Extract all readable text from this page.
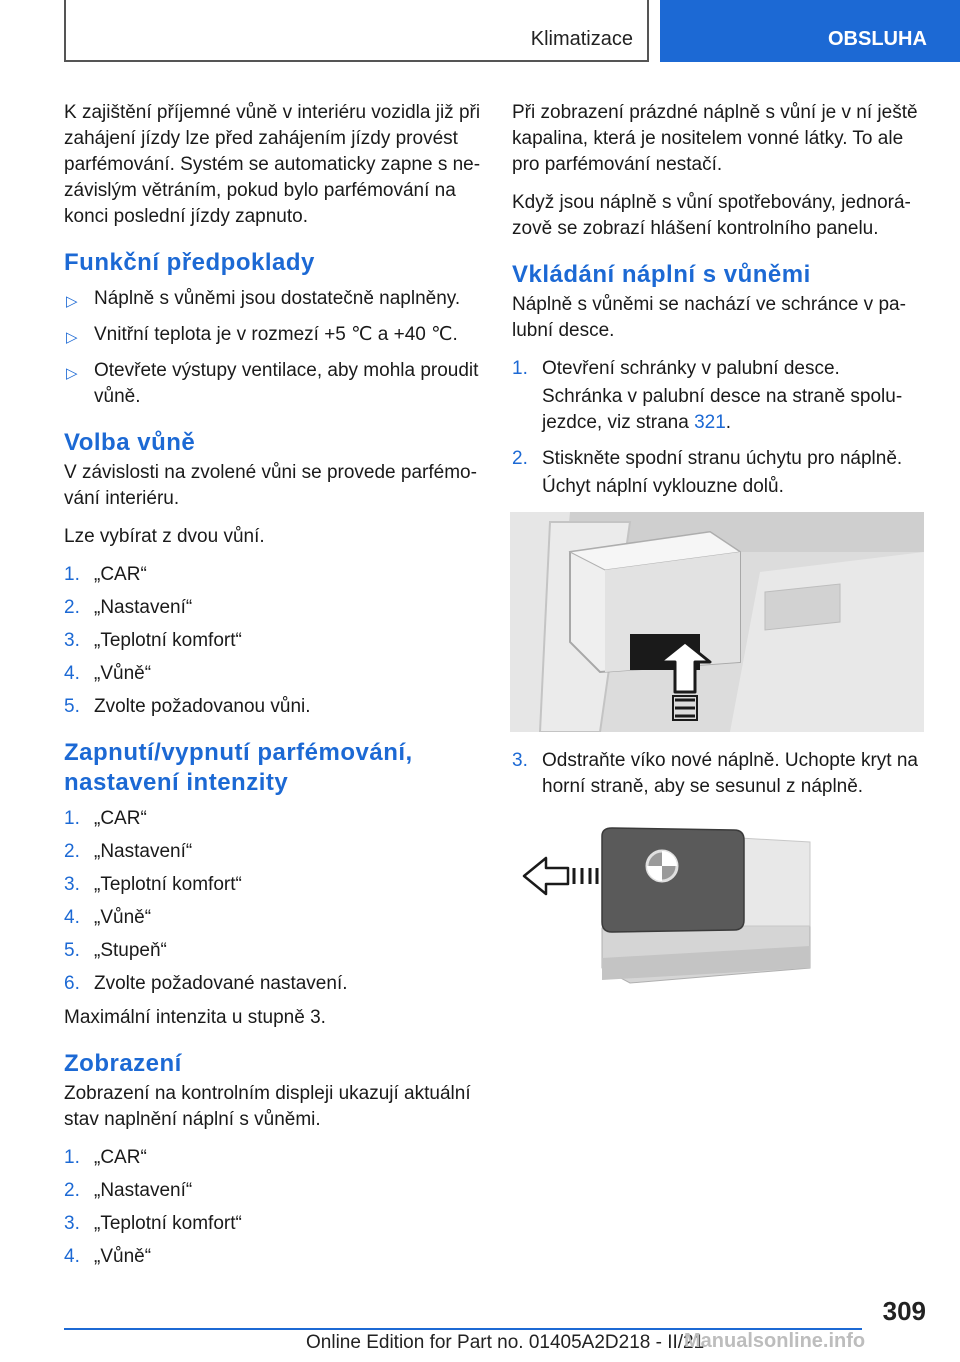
Klimatizace	OBSLUHA

K zajištění příjemné vůně v interiéru vozidla již při zahájení jízdy lze před zahájením jízdy provést parfémování. Systém se automaticky zapne s ne-závislým větráním, pokud bylo parfémování na konci poslední jízdy zapnuto.

Funkční předpoklady
▷ Náplně s vůněmi jsou dostatečně naplněny.
▷ Vnitřní teplota je v rozmezí +5 ℃ a +40 ℃.
▷ Otevřete výstupy ventilace, aby mohla proudit vůně.
Volba vůně

V závislosti na zvolené vůni se provede parfémo-vání interiéru.

Lze vybírat z dvou vůní.

1. „CAR“
2. „Nastavení“
3. „Teplotní komfort“
4. „Vůně“
5. Zvolte požadovanou vůni.
Zapnutí/vypnutí parfémování, nastavení intenzity
1. „CAR“
2. „Nastavení“
3. „Teplotní komfort“
4. „Vůně“
5. „Stupeň“
6. Zvolte požadované nastavení.

Maximální intenzita u stupně 3.

Zobrazení

Zobrazení na kontrolním displeji ukazují aktuální stav naplnění náplní s vůněmi.

1. „CAR“
2. „Nastavení“
3. „Teplotní komfort“
4. „Vůně“

Při zobrazení prázdné náplně s vůní je v ní ještě kapalina, která je nositelem vonné látky. To ale pro parfémování nestačí.

Když jsou náplně s vůní spotřebovány, jednorá-zově se zobrazí hlášení kontrolního panelu.

Vkládání náplní s vůněmi

Náplně s vůněmi se nachází ve schránce v pa-lubní desce.

1. Otevření schránky v palubní desce.
Schránka v palubní desce na straně spolu-jezdce, viz strana 321.
2. Stiskněte spodní stranu úchytu pro náplně.
Úchyt náplní vyklouzne dolů.
3. Odstraňte víko nové náplně. Uchopte kryt na horní straně, aby se sesunul z náplně.
309
Online Edition for Part no. 01405A2D218 - II/21
Manualsonline.info
